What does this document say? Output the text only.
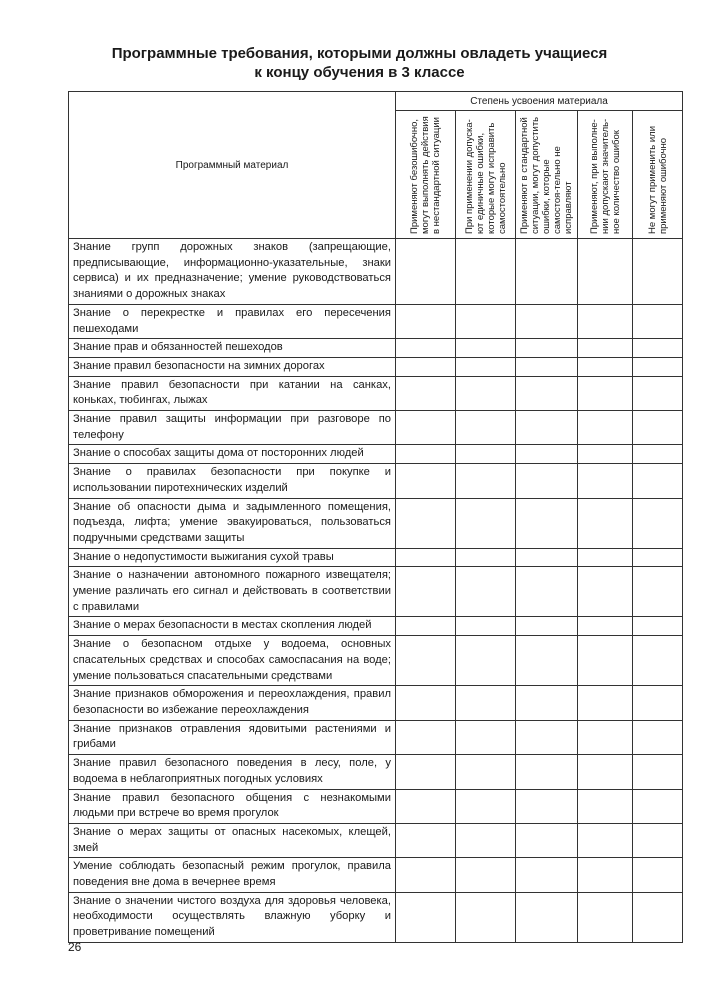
Программные требования, которыми должны овладеть учащиеся
к концу обучения в 3 классе
Программный материал	Степень усвоения материала				

	Применяют безошибочно, могут выполнять действия в нестандартной ситуации	При применении допуска-ют единичные ошибки, которые могут исправить самостоятельно	Применяют в стандартной ситуации, могут допустить ошибки, которые самостоя-тельно не исправляют	Применяют, при выполне-нии допускают значитель-ное количество ошибок	Не могут применить или применяют ошибочно

Знание групп дорожных знаков (запрещающие, предписывающие, информационно-указательные, знаки сервиса) и их предназначение; умение руководствоваться знаниями о дорожных знаках					
Знание о перекрестке и правилах его пересечения пешеходами					
Знание прав и обязанностей пешеходов					
Знание правил безопасности на зимних дорогах					
Знание правил безопасности при катании на санках, коньках, тюбингах, лыжах					
Знание правил защиты информации при разговоре по телефону					
Знание о способах защиты дома от посторонних людей					
Знание о правилах безопасности при покупке и использовании пиротехнических изделий					
Знание об опасности дыма и задымленного помещения, подъезда, лифта; умение эвакуироваться, пользоваться подручными средствами защиты					
Знание о недопустимости выжигания сухой травы					
Знание о назначении автономного пожарного извещателя; умение различать его сигнал и действовать в соответствии с правилами					
Знание о мерах безопасности в местах скопления людей					
Знание о безопасном отдыхе у водоема, основных спасательных средствах и способах самоспасания на воде; умение пользоваться спасательными средствами					
Знание признаков обморожения и переохлаждения, правил безопасности во избежание переохлаждения					
Знание признаков отравления ядовитыми растениями и грибами					
Знание правил безопасного поведения в лесу, поле, у водоема в неблагоприятных погодных условиях					
Знание правил безопасного общения с незнакомыми людьми при встрече во время прогулок					
Знание о мерах защиты от опасных насекомых, клещей, змей					
Умение соблюдать безопасный режим прогулок, правила поведения вне дома в вечернее время					
Знание о значении чистого воздуха для здоровья человека, необходимости осуществлять влажную уборку и проветривание помещений					
26
